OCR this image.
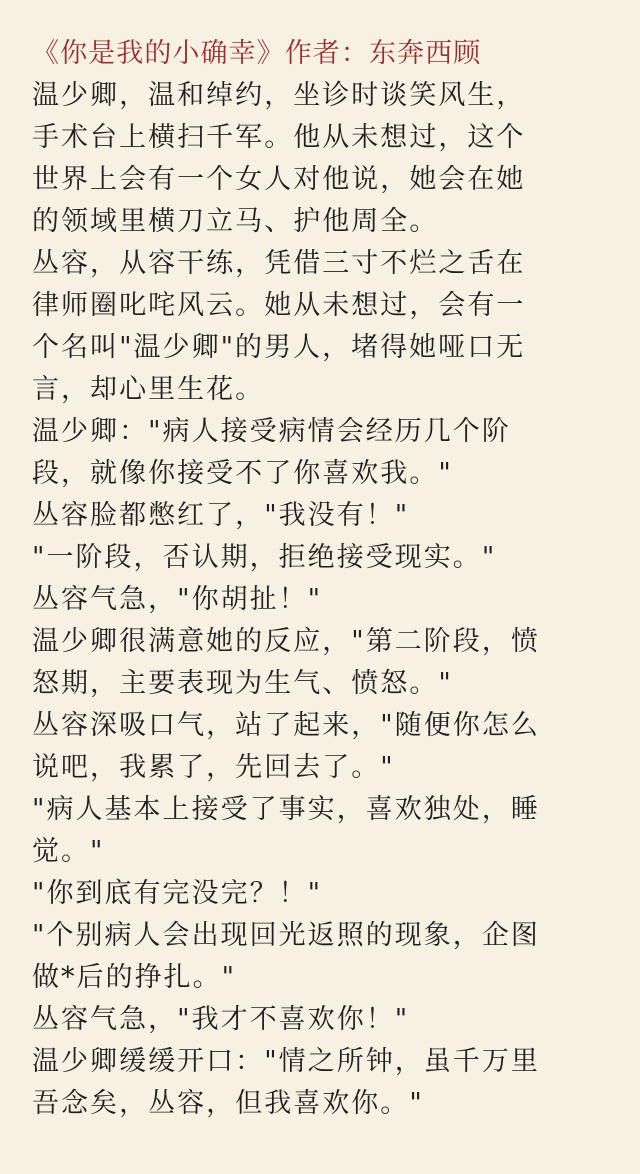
《你是我的小确幸》作者：东奔西顾
温少卿，温和绰约，坐诊时谈笑风生，
手术台上横扫千军。他从未想过，这个
世界上会有一个女人对他说，她会在她
的领域里横刀立马、护他周全。
丛容，从容干练，凭借三寸不烂之舌在
律师圈叱咤风云。她从未想过，会有一
个名叫"温少卿"的男人，堵得她哑口无
言，却心里生花。
温少卿："病人接受病情会经历几个阶
段，就像你接受不了你喜欢我。"
丛容脸都憋红了，"我没有！"
"一阶段，否认期，拒绝接受现实。"
丛容气急，"你胡扯！"
温少卿很满意她的反应，"第二阶段，愤
怒期，主要表现为生气、愤怒。"
丛容深吸口气，站了起来，"随便你怎么
说吧，我累了，先回去了。"
"病人基本上接受了事实，喜欢独处，睡
觉。"
"你到底有完没完？！"
"个别病人会出现回光返照的现象，企图
做*后的挣扎。"
丛容气急，"我才不喜欢你！"
温少卿缓缓开口："情之所钟，虽千万里
吾念矣，丛容，但我喜欢你。"
